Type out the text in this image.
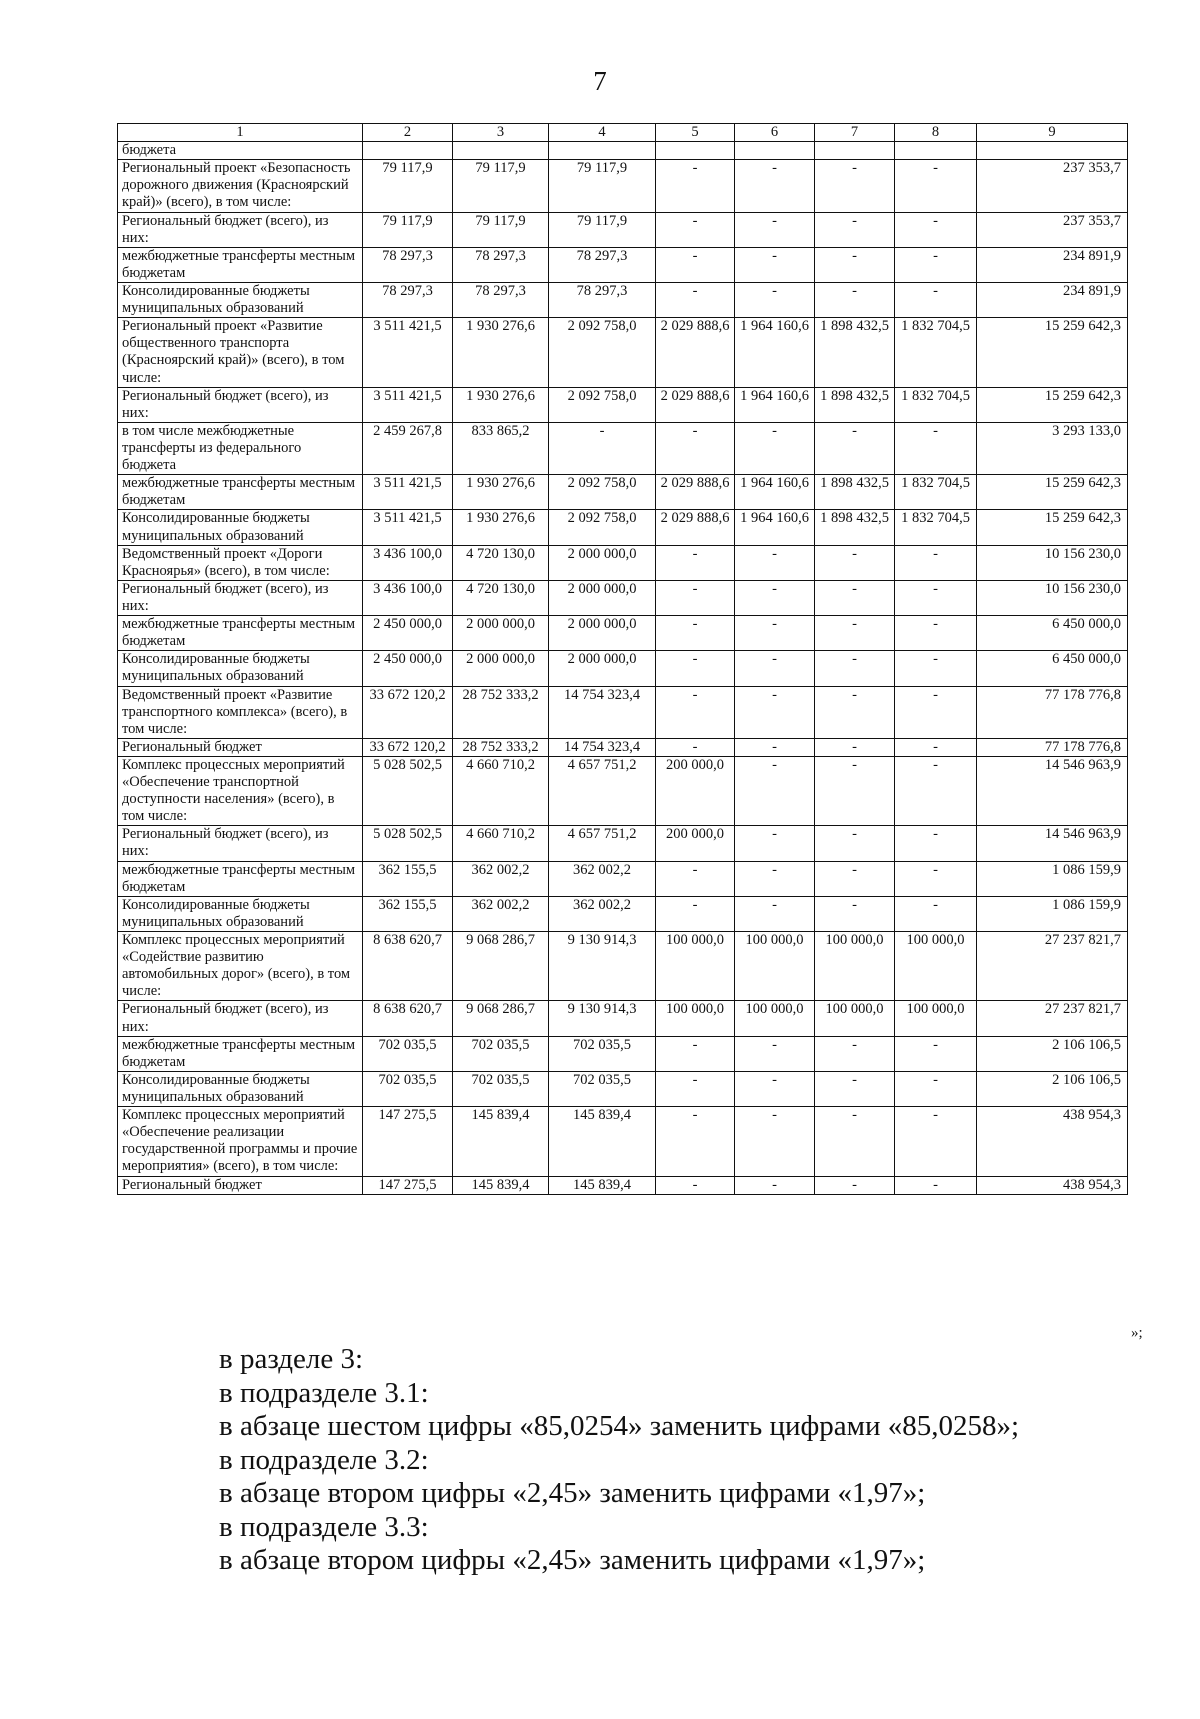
7
1	2	3	4	5	6	7	8	9
бюджета								
Региональный проект «Безопасность дорожного движения (Красноярский край)» (всего), в том числе:	79 117,9	79 117,9	79 117,9	-	-	-	-	237 353,7
Региональный бюджет (всего), из них:	79 117,9	79 117,9	79 117,9	-	-	-	-	237 353,7
межбюджетные трансферты местным бюджетам	78 297,3	78 297,3	78 297,3	-	-	-	-	234 891,9
Консолидированные бюджеты муниципальных образований	78 297,3	78 297,3	78 297,3	-	-	-	-	234 891,9
Региональный проект «Развитие общественного транспорта (Красноярский край)» (всего), в том числе:	3 511 421,5	1 930 276,6	2 092 758,0	2 029 888,6	1 964 160,6	1 898 432,5	1 832 704,5	15 259 642,3
Региональный бюджет (всего), из них:	3 511 421,5	1 930 276,6	2 092 758,0	2 029 888,6	1 964 160,6	1 898 432,5	1 832 704,5	15 259 642,3
в том числе межбюджетные трансферты из федерального бюджета	2 459 267,8	833 865,2	-	-	-	-	-	3 293 133,0
межбюджетные трансферты местным бюджетам	3 511 421,5	1 930 276,6	2 092 758,0	2 029 888,6	1 964 160,6	1 898 432,5	1 832 704,5	15 259 642,3
Консолидированные бюджеты муниципальных образований	3 511 421,5	1 930 276,6	2 092 758,0	2 029 888,6	1 964 160,6	1 898 432,5	1 832 704,5	15 259 642,3
Ведомственный проект «Дороги Красноярья» (всего), в том числе:	3 436 100,0	4 720 130,0	2 000 000,0	-	-	-	-	10 156 230,0
Региональный бюджет (всего), из них:	3 436 100,0	4 720 130,0	2 000 000,0	-	-	-	-	10 156 230,0
межбюджетные трансферты местным бюджетам	2 450 000,0	2 000 000,0	2 000 000,0	-	-	-	-	6 450 000,0
Консолидированные бюджеты муниципальных образований	2 450 000,0	2 000 000,0	2 000 000,0	-	-	-	-	6 450 000,0
Ведомственный проект «Развитие транспортного комплекса» (всего), в том числе:	33 672 120,2	28 752 333,2	14 754 323,4	-	-	-	-	77 178 776,8
Региональный бюджет	33 672 120,2	28 752 333,2	14 754 323,4	-	-	-	-	77 178 776,8
Комплекс процессных мероприятий «Обеспечение транспортной доступности населения» (всего), в том числе:	5 028 502,5	4 660 710,2	4 657 751,2	200 000,0	-	-	-	14 546 963,9
Региональный бюджет (всего), из них:	5 028 502,5	4 660 710,2	4 657 751,2	200 000,0	-	-	-	14 546 963,9
межбюджетные трансферты местным бюджетам	362 155,5	362 002,2	362 002,2	-	-	-	-	1 086 159,9
Консолидированные бюджеты муниципальных образований	362 155,5	362 002,2	362 002,2	-	-	-	-	1 086 159,9
Комплекс процессных мероприятий «Содействие развитию автомобильных дорог» (всего), в том числе:	8 638 620,7	9 068 286,7	9 130 914,3	100 000,0	100 000,0	100 000,0	100 000,0	27 237 821,7
Региональный бюджет (всего), из них:	8 638 620,7	9 068 286,7	9 130 914,3	100 000,0	100 000,0	100 000,0	100 000,0	27 237 821,7
межбюджетные трансферты местным бюджетам	702 035,5	702 035,5	702 035,5	-	-	-	-	2 106 106,5
Консолидированные бюджеты муниципальных образований	702 035,5	702 035,5	702 035,5	-	-	-	-	2 106 106,5
Комплекс процессных мероприятий «Обеспечение реализации государственной программы и прочие мероприятия» (всего), в том числе:	147 275,5	145 839,4	145 839,4	-	-	-	-	438 954,3
Региональный бюджет	147 275,5	145 839,4	145 839,4	-	-	-	-	438 954,3
»;
в разделе 3:
в подразделе 3.1:
в абзаце шестом цифры «85,0254» заменить цифрами «85,0258»;
в подразделе 3.2:
в абзаце втором цифры «2,45» заменить цифрами «1,97»;
в подразделе 3.3:
в абзаце втором цифры «2,45» заменить цифрами «1,97»;
